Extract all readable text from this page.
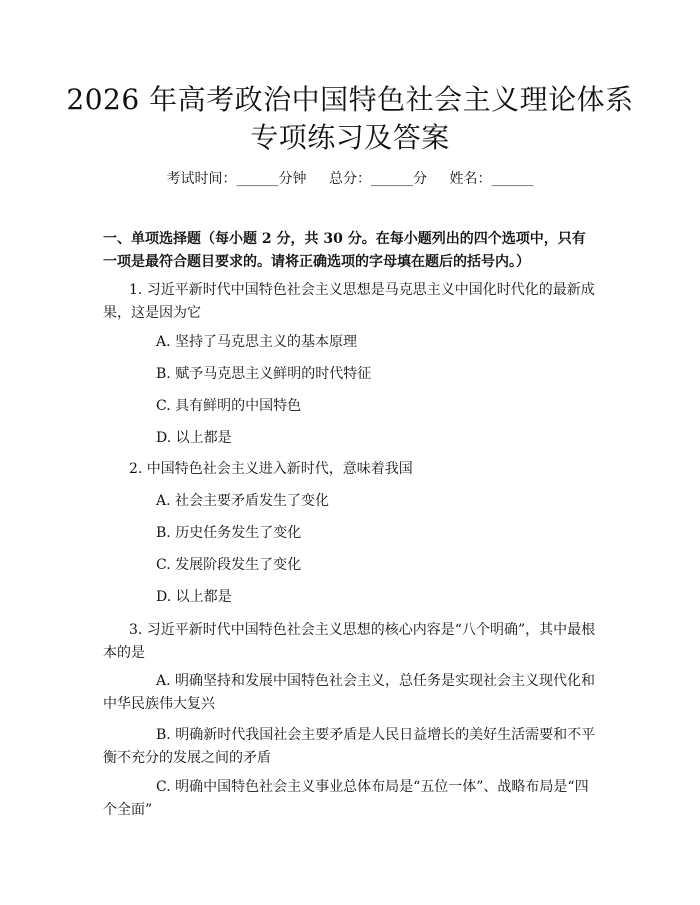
2026 年高考政治中国特色社会主义理论体系
专项练习及答案
考试时间：______分钟 总分：______分 姓名：______
一、单项选择题（每小题 2 分，共 30 分。在每小题列出的四个选项中，只有一项是最符合题目要求的。请将正确选项的字母填在题后的括号内。）
1. 习近平新时代中国特色社会主义思想是马克思主义中国化时代化的最新成果，这是因为它
A. 坚持了马克思主义的基本原理
B. 赋予马克思主义鲜明的时代特征
C. 具有鲜明的中国特色
D. 以上都是
2. 中国特色社会主义进入新时代，意味着我国
A. 社会主要矛盾发生了变化
B. 历史任务发生了变化
C. 发展阶段发生了变化
D. 以上都是
3. 习近平新时代中国特色社会主义思想的核心内容是“八个明确”，其中最根本的是
A. 明确坚持和发展中国特色社会主义，总任务是实现社会主义现代化和中华民族伟大复兴
B. 明确新时代我国社会主要矛盾是人民日益增长的美好生活需要和不平衡不充分的发展之间的矛盾
C. 明确中国特色社会主义事业总体布局是“五位一体”、战略布局是“四个全面”
